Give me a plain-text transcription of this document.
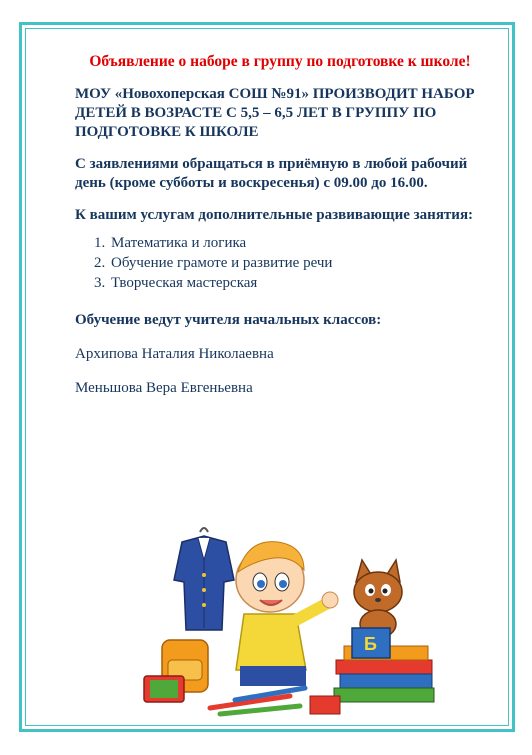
Объявление о наборе в группу по подготовке к школе!

МОУ «Новохоперская СОШ №91» ПРОИЗВОДИТ НАБОР ДЕТЕЙ В ВОЗРАСТЕ С 5,5 – 6,5 ЛЕТ В ГРУППУ ПО ПОДГОТОВКЕ К ШКОЛЕ

С заявлениями обращаться в приёмную в любой рабочий день (кроме субботы и воскресенья) с 09.00 до 16.00.

К вашим услугам дополнительные развивающие занятия:

1. Математика и логика
2. Обучение грамоте и развитие речи
3. Творческая мастерская

Обучение ведут учителя начальных классов:

Архипова Наталия Николаевна

Меньшова Вера Евгеньевна

Б
